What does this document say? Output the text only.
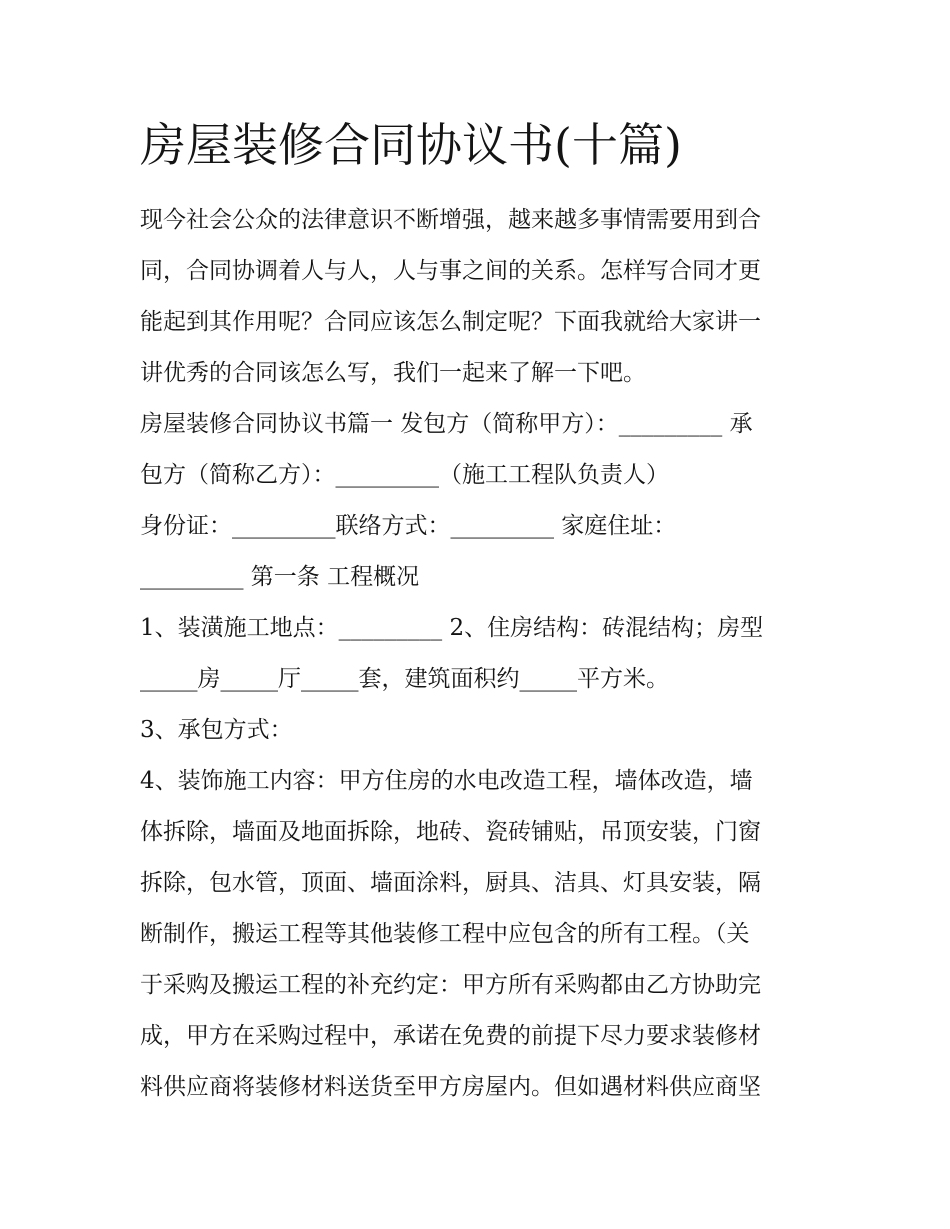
房屋装修合同协议书(十篇)
现今社会公众的法律意识不断增强，越来越多事情需要用到合
同，合同协调着人与人，人与事之间的关系。怎样写合同才更
能起到其作用呢？合同应该怎么制定呢？下面我就给大家讲一
讲优秀的合同该怎么写，我们一起来了解一下吧。
房屋装修合同协议书篇一 发包方（简称甲方）：_________ 承
包方（简称乙方）：_________（施工工程队负责人）
身份证：_________联络方式：_________ 家庭住址：
_________ 第一条 工程概况
1、装潢施工地点：_________ 2、住房结构：砖混结构；房型
_____房_____厅_____套，建筑面积约_____平方米。
3、承包方式：
4、装饰施工内容：甲方住房的水电改造工程，墙体改造，墙
体拆除，墙面及地面拆除，地砖、瓷砖铺贴，吊顶安装，门窗
拆除，包水管，顶面、墙面涂料，厨具、洁具、灯具安装，隔
断制作，搬运工程等其他装修工程中应包含的所有工程。（关
于采购及搬运工程的补充约定：甲方所有采购都由乙方协助完
成，甲方在采购过程中，承诺在免费的前提下尽力要求装修材
料供应商将装修材料送货至甲方房屋内。但如遇材料供应商坚
